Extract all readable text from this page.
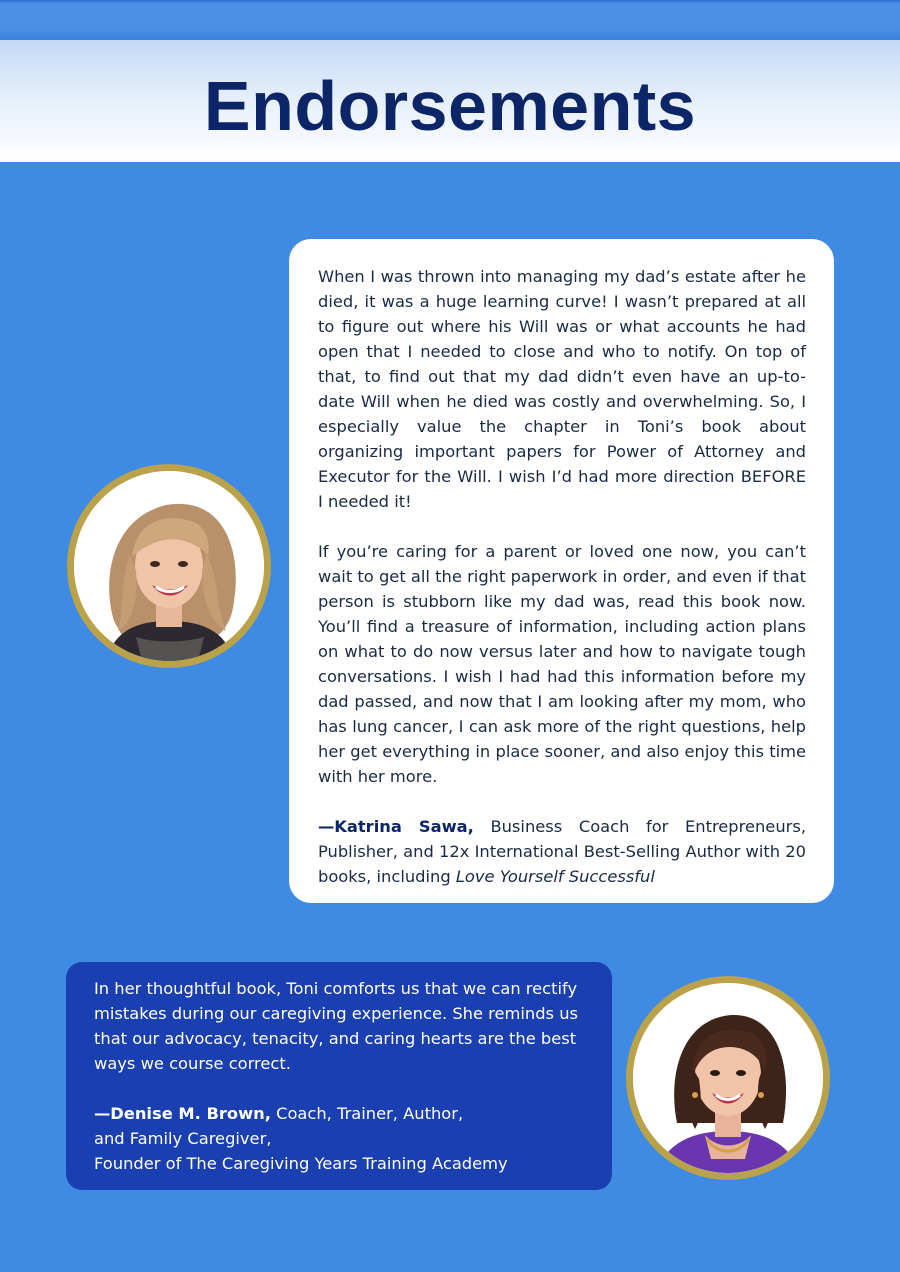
Endorsements

When I was thrown into managing my dad’s estate after he died, it was a huge learning curve! I wasn’t prepared at all to figure out where his Will was or what accounts he had open that I needed to close and who to notify. On top of that, to find out that my dad didn’t even have an up-to-date Will when he died was costly and overwhelming. So, I especially value the chapter in Toni’s book about organizing important papers for Power of Attorney and Executor for the Will. I wish I’d had more direction BEFORE I needed it!

If you’re caring for a parent or loved one now, you can’t wait to get all the right paperwork in order, and even if that person is stubborn like my dad was, read this book now. You’ll find a treasure of information, including action plans on what to do now versus later and how to navigate tough conversations. I wish I had had this information before my dad passed, and now that I am looking after my mom, who has lung cancer, I can ask more of the right questions, help her get everything in place sooner, and also enjoy this time with her more.

—Katrina Sawa, Business Coach for Entrepreneurs, Publisher, and 12x International Best-Selling Author with 20 books, including Love Yourself Successful

In her thoughtful book, Toni comforts us that we can rectify mistakes during our caregiving experience. She reminds us that our advocacy, tenacity, and caring hearts are the best ways we course correct.

—Denise M. Brown, Coach, Trainer, Author,
and Family Caregiver,
Founder of The Caregiving Years Training Academy
